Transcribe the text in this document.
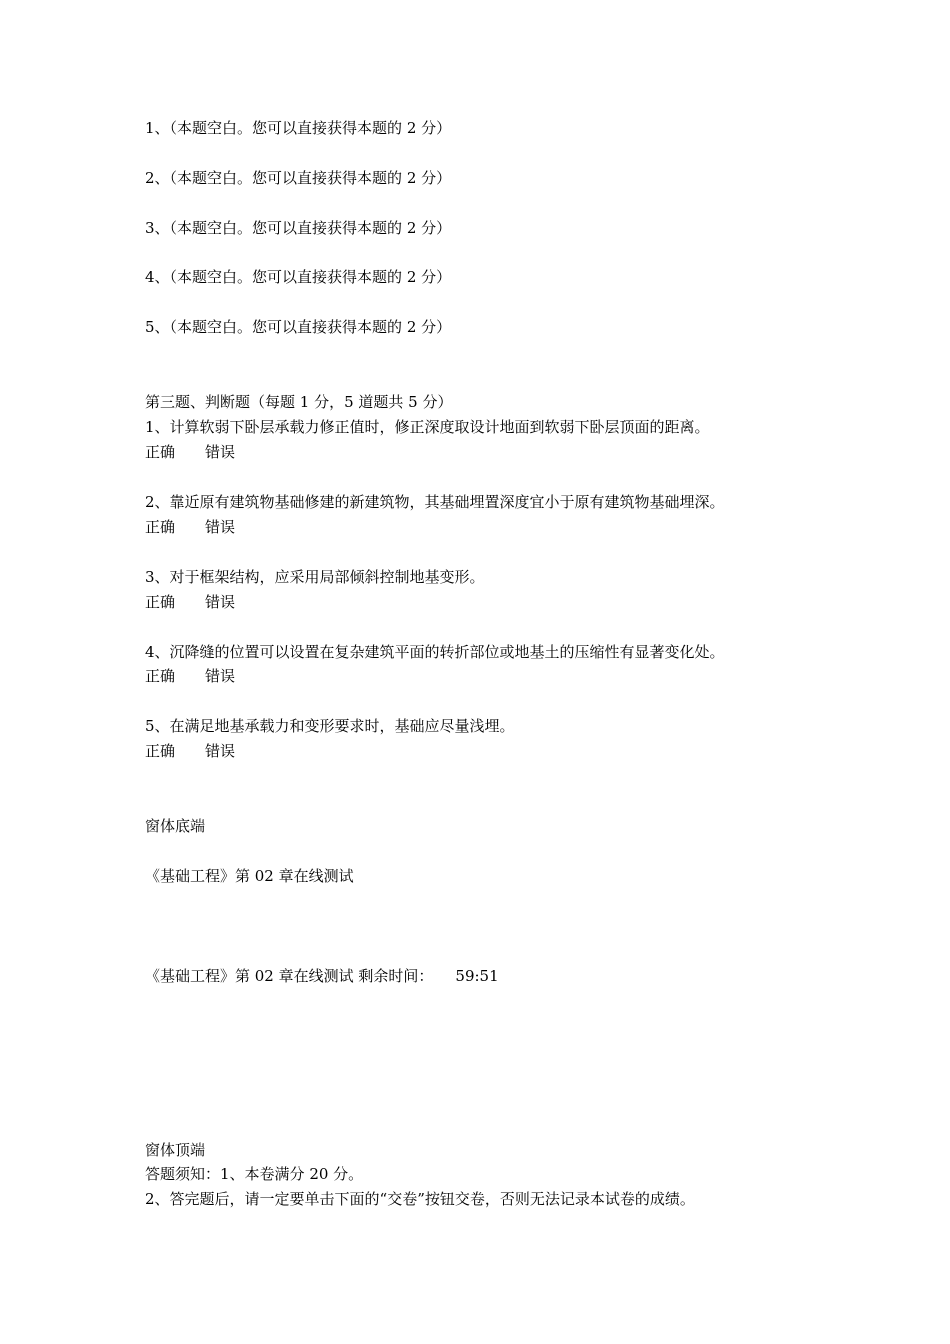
1、（本题空白。您可以直接获得本题的 2 分）
2、（本题空白。您可以直接获得本题的 2 分）
3、（本题空白。您可以直接获得本题的 2 分）
4、（本题空白。您可以直接获得本题的 2 分）
5、（本题空白。您可以直接获得本题的 2 分）
第三题、判断题（每题 1 分，5 道题共 5 分）
1、计算软弱下卧层承载力修正值时，修正深度取设计地面到软弱下卧层顶面的距离。
正确 错误
2、靠近原有建筑物基础修建的新建筑物，其基础埋置深度宜小于原有建筑物基础埋深。
正确 错误
3、对于框架结构，应采用局部倾斜控制地基变形。
正确 错误
4、沉降缝的位置可以设置在复杂建筑平面的转折部位或地基土的压缩性有显著变化处。
正确 错误
5、在满足地基承载力和变形要求时，基础应尽量浅埋。
正确 错误
窗体底端
《基础工程》第 02 章在线测试
《基础工程》第 02 章在线测试 剩余时间： 59:51
窗体顶端
答题须知：1、本卷满分 20 分。
2、答完题后，请一定要单击下面的“交卷”按钮交卷，否则无法记录本试卷的成绩。
